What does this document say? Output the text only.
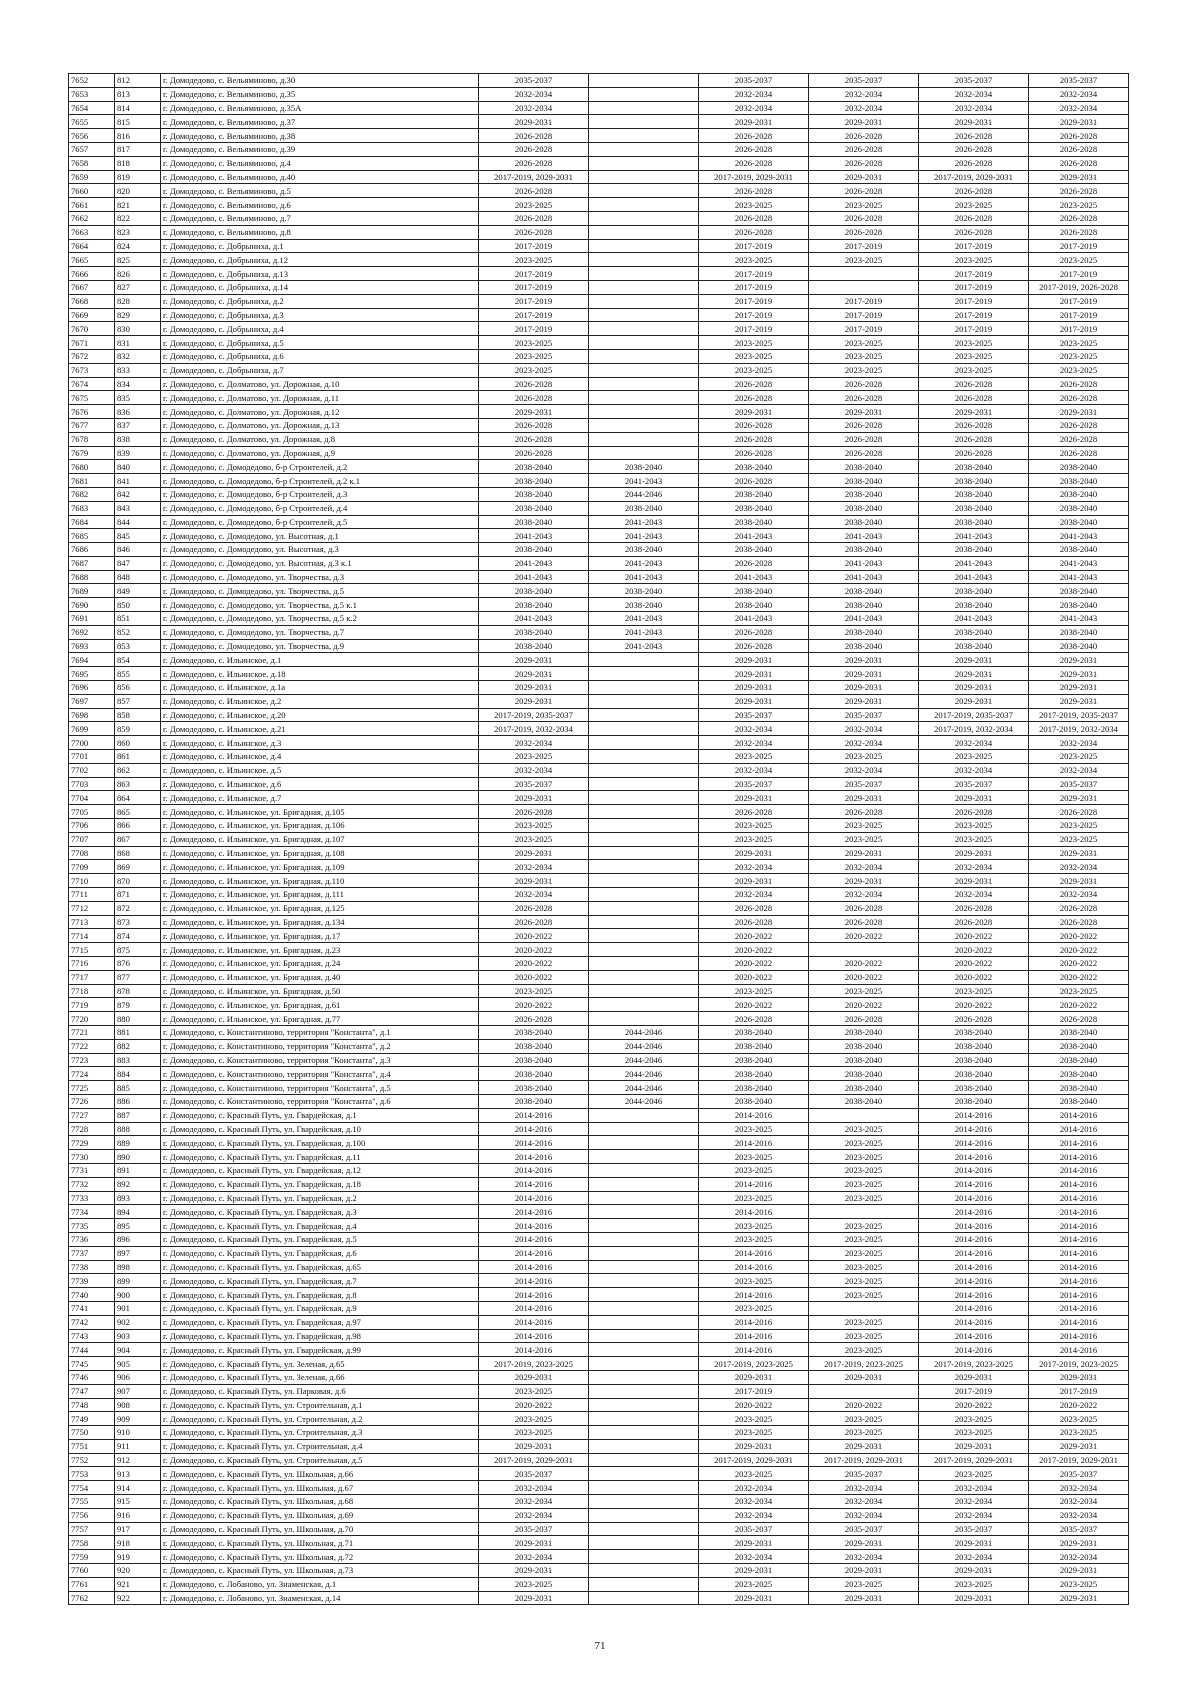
7652	812	г. Домодедово, с. Вельяминово, д.30	2035-2037		2035-2037	2035-2037	2035-2037	2035-2037
7653	813	г. Домодедово, с. Вельяминово, д.35	2032-2034		2032-2034	2032-2034	2032-2034	2032-2034
7654	814	г. Домодедово, с. Вельяминово, д.35А	2032-2034		2032-2034	2032-2034	2032-2034	2032-2034
7655	815	г. Домодедово, с. Вельяминово, д.37	2029-2031		2029-2031	2029-2031	2029-2031	2029-2031
7656	816	г. Домодедово, с. Вельяминово, д.38	2026-2028		2026-2028	2026-2028	2026-2028	2026-2028
7657	817	г. Домодедово, с. Вельяминово, д.39	2026-2028		2026-2028	2026-2028	2026-2028	2026-2028
7658	818	г. Домодедово, с. Вельяминово, д.4	2026-2028		2026-2028	2026-2028	2026-2028	2026-2028
7659	819	г. Домодедово, с. Вельяминово, д.40	2017-2019, 2029-2031		2017-2019, 2029-2031	2029-2031	2017-2019, 2029-2031	2029-2031
7660	820	г. Домодедово, с. Вельяминово, д.5	2026-2028		2026-2028	2026-2028	2026-2028	2026-2028
7661	821	г. Домодедово, с. Вельяминово, д.6	2023-2025		2023-2025	2023-2025	2023-2025	2023-2025
7662	822	г. Домодедово, с. Вельяминово, д.7	2026-2028		2026-2028	2026-2028	2026-2028	2026-2028
7663	823	г. Домодедово, с. Вельяминово, д.8	2026-2028		2026-2028	2026-2028	2026-2028	2026-2028
7664	824	г. Домодедово, с. Добрыниха, д.1	2017-2019		2017-2019	2017-2019	2017-2019	2017-2019
7665	825	г. Домодедово, с. Добрыниха, д.12	2023-2025		2023-2025	2023-2025	2023-2025	2023-2025
7666	826	г. Домодедово, с. Добрыниха, д.13	2017-2019		2017-2019		2017-2019	2017-2019
7667	827	г. Домодедово, с. Добрыниха, д.14	2017-2019		2017-2019		2017-2019	2017-2019, 2026-2028
7668	828	г. Домодедово, с. Добрыниха, д.2	2017-2019		2017-2019	2017-2019	2017-2019	2017-2019
7669	829	г. Домодедово, с. Добрыниха, д.3	2017-2019		2017-2019	2017-2019	2017-2019	2017-2019
7670	830	г. Домодедово, с. Добрыниха, д.4	2017-2019		2017-2019	2017-2019	2017-2019	2017-2019
7671	831	г. Домодедово, с. Добрыниха, д.5	2023-2025		2023-2025	2023-2025	2023-2025	2023-2025
7672	832	г. Домодедово, с. Добрыниха, д.6	2023-2025		2023-2025	2023-2025	2023-2025	2023-2025
7673	833	г. Домодедово, с. Добрыниха, д.7	2023-2025		2023-2025	2023-2025	2023-2025	2023-2025
7674	834	г. Домодедово, с. Долматово, ул. Дорожная, д.10	2026-2028		2026-2028	2026-2028	2026-2028	2026-2028
7675	835	г. Домодедово, с. Долматово, ул. Дорожная, д.11	2026-2028		2026-2028	2026-2028	2026-2028	2026-2028
7676	836	г. Домодедово, с. Долматово, ул. Дорожная, д.12	2029-2031		2029-2031	2029-2031	2029-2031	2029-2031
7677	837	г. Домодедово, с. Долматово, ул. Дорожная, д.13	2026-2028		2026-2028	2026-2028	2026-2028	2026-2028
7678	838	г. Домодедово, с. Долматово, ул. Дорожная, д.8	2026-2028		2026-2028	2026-2028	2026-2028	2026-2028
7679	839	г. Домодедово, с. Долматово, ул. Дорожная, д.9	2026-2028		2026-2028	2026-2028	2026-2028	2026-2028
7680	840	г. Домодедово, с. Домодедово, б-р Строителей, д.2	2038-2040	2038-2040	2038-2040	2038-2040	2038-2040	2038-2040
7681	841	г. Домодедово, с. Домодедово, б-р Строителей, д.2 к.1	2038-2040	2041-2043	2026-2028	2038-2040	2038-2040	2038-2040
7682	842	г. Домодедово, с. Домодедово, б-р Строителей, д.3	2038-2040	2044-2046	2038-2040	2038-2040	2038-2040	2038-2040
7683	843	г. Домодедово, с. Домодедово, б-р Строителей, д.4	2038-2040	2038-2040	2038-2040	2038-2040	2038-2040	2038-2040
7684	844	г. Домодедово, с. Домодедово, б-р Строителей, д.5	2038-2040	2041-2043	2038-2040	2038-2040	2038-2040	2038-2040
7685	845	г. Домодедово, с. Домодедово, ул. Высотная, д.1	2041-2043	2041-2043	2041-2043	2041-2043	2041-2043	2041-2043
7686	846	г. Домодедово, с. Домодедово, ул. Высотная, д.3	2038-2040	2038-2040	2038-2040	2038-2040	2038-2040	2038-2040
7687	847	г. Домодедово, с. Домодедово, ул. Высотная, д.3 к.1	2041-2043	2041-2043	2026-2028	2041-2043	2041-2043	2041-2043
7688	848	г. Домодедово, с. Домодедово, ул. Творчества, д.3	2041-2043	2041-2043	2041-2043	2041-2043	2041-2043	2041-2043
7689	849	г. Домодедово, с. Домодедово, ул. Творчества, д.5	2038-2040	2038-2040	2038-2040	2038-2040	2038-2040	2038-2040
7690	850	г. Домодедово, с. Домодедово, ул. Творчества, д.5 к.1	2038-2040	2038-2040	2038-2040	2038-2040	2038-2040	2038-2040
7691	851	г. Домодедово, с. Домодедово, ул. Творчества, д.5 к.2	2041-2043	2041-2043	2041-2043	2041-2043	2041-2043	2041-2043
7692	852	г. Домодедово, с. Домодедово, ул. Творчества, д.7	2038-2040	2041-2043	2026-2028	2038-2040	2038-2040	2038-2040
7693	853	г. Домодедово, с. Домодедово, ул. Творчества, д.9	2038-2040	2041-2043	2026-2028	2038-2040	2038-2040	2038-2040
7694	854	г. Домодедово, с. Ильинское, д.1	2029-2031		2029-2031	2029-2031	2029-2031	2029-2031
7695	855	г. Домодедово, с. Ильинское, д.18	2029-2031		2029-2031	2029-2031	2029-2031	2029-2031
7696	856	г. Домодедово, с. Ильинское, д.1а	2029-2031		2029-2031	2029-2031	2029-2031	2029-2031
7697	857	г. Домодедово, с. Ильинское, д.2	2029-2031		2029-2031	2029-2031	2029-2031	2029-2031
7698	858	г. Домодедово, с. Ильинское, д.20	2017-2019, 2035-2037		2035-2037	2035-2037	2017-2019, 2035-2037	2017-2019, 2035-2037
7699	859	г. Домодедово, с. Ильинское, д.21	2017-2019, 2032-2034		2032-2034	2032-2034	2017-2019, 2032-2034	2017-2019, 2032-2034
7700	860	г. Домодедово, с. Ильинское, д.3	2032-2034		2032-2034	2032-2034	2032-2034	2032-2034
7701	861	г. Домодедово, с. Ильинское, д.4	2023-2025		2023-2025	2023-2025	2023-2025	2023-2025
7702	862	г. Домодедово, с. Ильинское, д.5	2032-2034		2032-2034	2032-2034	2032-2034	2032-2034
7703	863	г. Домодедово, с. Ильинское, д.6	2035-2037		2035-2037	2035-2037	2035-2037	2035-2037
7704	864	г. Домодедово, с. Ильинское, д.7	2029-2031		2029-2031	2029-2031	2029-2031	2029-2031
7705	865	г. Домодедово, с. Ильинское, ул. Бригадная, д.105	2026-2028		2026-2028	2026-2028	2026-2028	2026-2028
7706	866	г. Домодедово, с. Ильинское, ул. Бригадная, д.106	2023-2025		2023-2025	2023-2025	2023-2025	2023-2025
7707	867	г. Домодедово, с. Ильинское, ул. Бригадная, д.107	2023-2025		2023-2025	2023-2025	2023-2025	2023-2025
7708	868	г. Домодедово, с. Ильинское, ул. Бригадная, д.108	2029-2031		2029-2031	2029-2031	2029-2031	2029-2031
7709	869	г. Домодедово, с. Ильинское, ул. Бригадная, д.109	2032-2034		2032-2034	2032-2034	2032-2034	2032-2034
7710	870	г. Домодедово, с. Ильинское, ул. Бригадная, д.110	2029-2031		2029-2031	2029-2031	2029-2031	2029-2031
7711	871	г. Домодедово, с. Ильинское, ул. Бригадная, д.111	2032-2034		2032-2034	2032-2034	2032-2034	2032-2034
7712	872	г. Домодедово, с. Ильинское, ул. Бригадная, д.125	2026-2028		2026-2028	2026-2028	2026-2028	2026-2028
7713	873	г. Домодедово, с. Ильинское, ул. Бригадная, д.134	2026-2028		2026-2028	2026-2028	2026-2028	2026-2028
7714	874	г. Домодедово, с. Ильинское, ул. Бригадная, д.17	2020-2022		2020-2022	2020-2022	2020-2022	2020-2022
7715	875	г. Домодедово, с. Ильинское, ул. Бригадная, д.23	2020-2022		2020-2022		2020-2022	2020-2022
7716	876	г. Домодедово, с. Ильинское, ул. Бригадная, д.24	2020-2022		2020-2022	2020-2022	2020-2022	2020-2022
7717	877	г. Домодедово, с. Ильинское, ул. Бригадная, д.40	2020-2022		2020-2022	2020-2022	2020-2022	2020-2022
7718	878	г. Домодедово, с. Ильинское, ул. Бригадная, д.50	2023-2025		2023-2025	2023-2025	2023-2025	2023-2025
7719	879	г. Домодедово, с. Ильинское, ул. Бригадная, д.61	2020-2022		2020-2022	2020-2022	2020-2022	2020-2022
7720	880	г. Домодедово, с. Ильинское, ул. Бригадная, д.77	2026-2028		2026-2028	2026-2028	2026-2028	2026-2028
7721	881	г. Домодедово, с. Константиново, территория "Константа", д.1	2038-2040	2044-2046	2038-2040	2038-2040	2038-2040	2038-2040
7722	882	г. Домодедово, с. Константиново, территория "Константа", д.2	2038-2040	2044-2046	2038-2040	2038-2040	2038-2040	2038-2040
7723	883	г. Домодедово, с. Константиново, территория "Константа", д.3	2038-2040	2044-2046	2038-2040	2038-2040	2038-2040	2038-2040
7724	884	г. Домодедово, с. Константиново, территория "Константа", д.4	2038-2040	2044-2046	2038-2040	2038-2040	2038-2040	2038-2040
7725	885	г. Домодедово, с. Константиново, территория "Константа", д.5	2038-2040	2044-2046	2038-2040	2038-2040	2038-2040	2038-2040
7726	886	г. Домодедово, с. Константиново, территория "Константа", д.6	2038-2040	2044-2046	2038-2040	2038-2040	2038-2040	2038-2040
7727	887	г. Домодедово, с. Красный Путь, ул. Гвардейская, д.1	2014-2016		2014-2016		2014-2016	2014-2016
7728	888	г. Домодедово, с. Красный Путь, ул. Гвардейская, д.10	2014-2016		2023-2025	2023-2025	2014-2016	2014-2016
7729	889	г. Домодедово, с. Красный Путь, ул. Гвардейская, д.100	2014-2016		2014-2016	2023-2025	2014-2016	2014-2016
7730	890	г. Домодедово, с. Красный Путь, ул. Гвардейская, д.11	2014-2016		2023-2025	2023-2025	2014-2016	2014-2016
7731	891	г. Домодедово, с. Красный Путь, ул. Гвардейская, д.12	2014-2016		2023-2025	2023-2025	2014-2016	2014-2016
7732	892	г. Домодедово, с. Красный Путь, ул. Гвардейская, д.18	2014-2016		2014-2016	2023-2025	2014-2016	2014-2016
7733	893	г. Домодедово, с. Красный Путь, ул. Гвардейская, д.2	2014-2016		2023-2025	2023-2025	2014-2016	2014-2016
7734	894	г. Домодедово, с. Красный Путь, ул. Гвардейская, д.3	2014-2016		2014-2016		2014-2016	2014-2016
7735	895	г. Домодедово, с. Красный Путь, ул. Гвардейская, д.4	2014-2016		2023-2025	2023-2025	2014-2016	2014-2016
7736	896	г. Домодедово, с. Красный Путь, ул. Гвардейская, д.5	2014-2016		2023-2025	2023-2025	2014-2016	2014-2016
7737	897	г. Домодедово, с. Красный Путь, ул. Гвардейская, д.6	2014-2016		2014-2016	2023-2025	2014-2016	2014-2016
7738	898	г. Домодедово, с. Красный Путь, ул. Гвардейская, д.65	2014-2016		2014-2016	2023-2025	2014-2016	2014-2016
7739	899	г. Домодедово, с. Красный Путь, ул. Гвардейская, д.7	2014-2016		2023-2025	2023-2025	2014-2016	2014-2016
7740	900	г. Домодедово, с. Красный Путь, ул. Гвардейская, д.8	2014-2016		2014-2016	2023-2025	2014-2016	2014-2016
7741	901	г. Домодедово, с. Красный Путь, ул. Гвардейская, д.9	2014-2016		2023-2025		2014-2016	2014-2016
7742	902	г. Домодедово, с. Красный Путь, ул. Гвардейская, д.97	2014-2016		2014-2016	2023-2025	2014-2016	2014-2016
7743	903	г. Домодедово, с. Красный Путь, ул. Гвардейская, д.98	2014-2016		2014-2016	2023-2025	2014-2016	2014-2016
7744	904	г. Домодедово, с. Красный Путь, ул. Гвардейская, д.99	2014-2016		2014-2016	2023-2025	2014-2016	2014-2016
7745	905	г. Домодедово, с. Красный Путь, ул. Зеленая, д.65	2017-2019, 2023-2025		2017-2019, 2023-2025	2017-2019, 2023-2025	2017-2019, 2023-2025	2017-2019, 2023-2025
7746	906	г. Домодедово, с. Красный Путь, ул. Зеленая, д.66	2029-2031		2029-2031	2029-2031	2029-2031	2029-2031
7747	907	г. Домодедово, с. Красный Путь, ул. Парковая, д.6	2023-2025		2017-2019		2017-2019	2017-2019
7748	908	г. Домодедово, с. Красный Путь, ул. Строительная, д.1	2020-2022		2020-2022	2020-2022	2020-2022	2020-2022
7749	909	г. Домодедово, с. Красный Путь, ул. Строительная, д.2	2023-2025		2023-2025	2023-2025	2023-2025	2023-2025
7750	910	г. Домодедово, с. Красный Путь, ул. Строительная, д.3	2023-2025		2023-2025	2023-2025	2023-2025	2023-2025
7751	911	г. Домодедово, с. Красный Путь, ул. Строительная, д.4	2029-2031		2029-2031	2029-2031	2029-2031	2029-2031
7752	912	г. Домодедово, с. Красный Путь, ул. Строительная, д.5	2017-2019, 2029-2031		2017-2019, 2029-2031	2017-2019, 2029-2031	2017-2019, 2029-2031	2017-2019, 2029-2031
7753	913	г. Домодедово, с. Красный Путь, ул. Школьная, д.66	2035-2037		2023-2025	2035-2037	2023-2025	2035-2037
7754	914	г. Домодедово, с. Красный Путь, ул. Школьная, д.67	2032-2034		2032-2034	2032-2034	2032-2034	2032-2034
7755	915	г. Домодедово, с. Красный Путь, ул. Школьная, д.68	2032-2034		2032-2034	2032-2034	2032-2034	2032-2034
7756	916	г. Домодедово, с. Красный Путь, ул. Школьная, д.69	2032-2034		2032-2034	2032-2034	2032-2034	2032-2034
7757	917	г. Домодедово, с. Красный Путь, ул. Школьная, д.70	2035-2037		2035-2037	2035-2037	2035-2037	2035-2037
7758	918	г. Домодедово, с. Красный Путь, ул. Школьная, д.71	2029-2031		2029-2031	2029-2031	2029-2031	2029-2031
7759	919	г. Домодедово, с. Красный Путь, ул. Школьная, д.72	2032-2034		2032-2034	2032-2034	2032-2034	2032-2034
7760	920	г. Домодедово, с. Красный Путь, ул. Школьная, д.73	2029-2031		2029-2031	2029-2031	2029-2031	2029-2031
7761	921	г. Домодедово, с. Лобаново, ул. Знаменская, д.1	2023-2025		2023-2025	2023-2025	2023-2025	2023-2025
7762	922	г. Домодедово, с. Лобаново, ул. Знаменская, д.14	2029-2031		2029-2031	2029-2031	2029-2031	2029-2031
71
